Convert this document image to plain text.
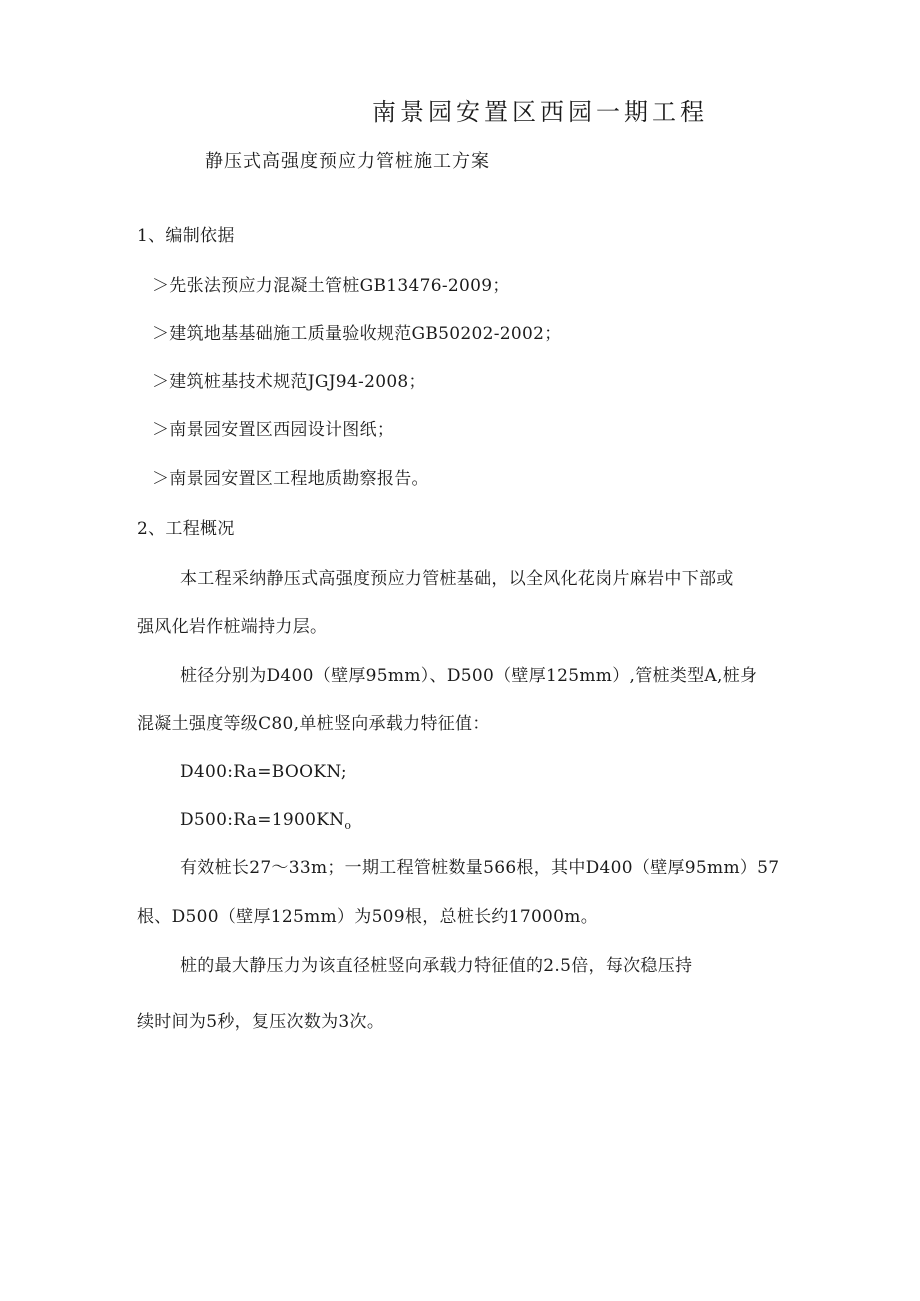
南景园安置区西园一期工程
静压式高强度预应力管桩施工方案
1、编制依据
＞先张法预应力混凝土管桩GB13476-2009；
＞建筑地基基础施工质量验收规范GB50202-2002；
＞建筑桩基技术规范JGJ94-2008；
＞南景园安置区西园设计图纸；
＞南景园安置区工程地质勘察报告。
2、工程概况
本工程采纳静压式高强度预应力管桩基础，以全风化花岗片麻岩中下部或
强风化岩作桩端持力层。
桩径分别为D400（壁厚95mm）、D500（壁厚125mm）,管桩类型A,桩身
混凝土强度等级C80,单桩竖向承载力特征值：
D400:Ra=BOOKN;
$D500:Ra=1900KN_o$
有效桩长27～33m；一期工程管桩数量566根，其中D400（壁厚95mm）57
根、D500（壁厚125mm）为509根，总桩长约17000m。
桩的最大静压力为该直径桩竖向承载力特征值的2.5倍，每次稳压持
续时间为5秒，复压次数为3次。
